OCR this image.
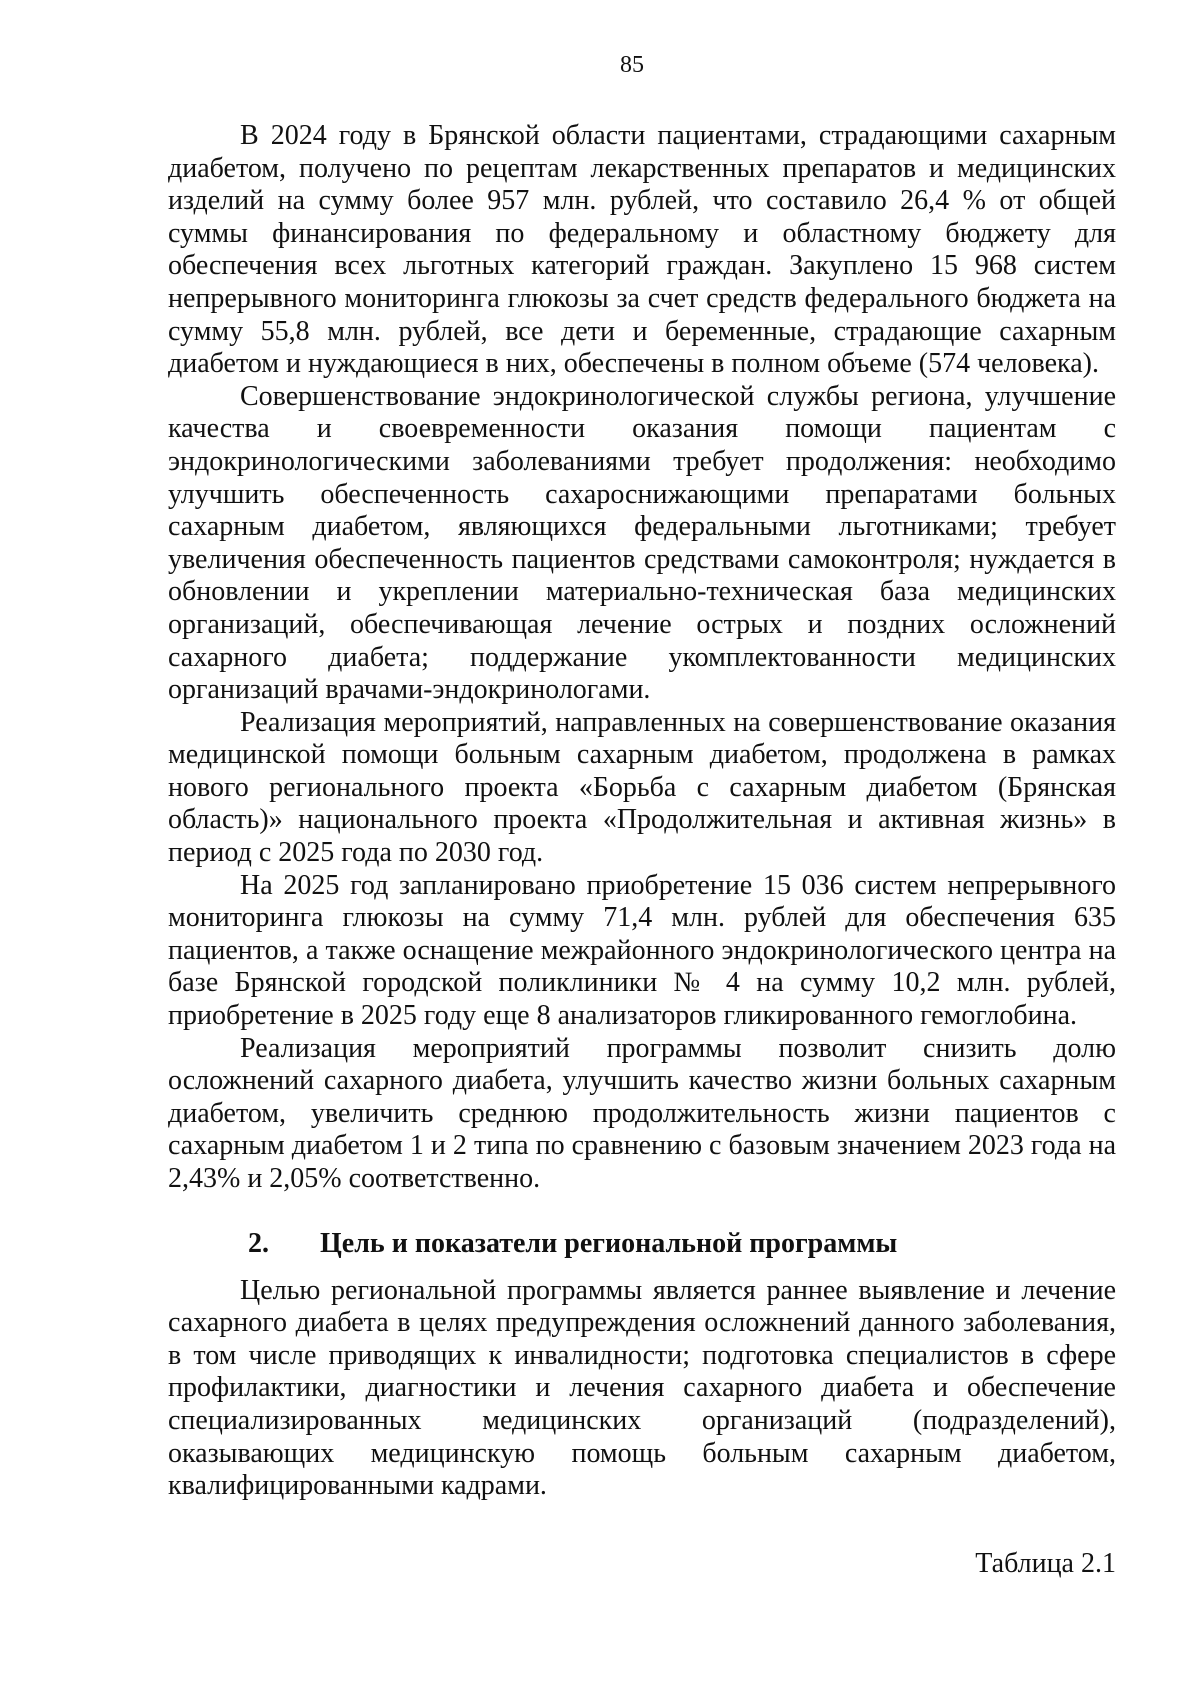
85

В 2024 году в Брянской области пациентами, страдающими сахарным диабетом, получено по рецептам лекарственных препаратов и медицинских изделий на сумму более 957 млн. рублей, что составило 26,4 % от общей суммы финансирования по федеральному и областному бюджету для обеспечения всех льготных категорий граждан. Закуплено 15 968 систем непрерывного мониторинга глюкозы за счет средств федерального бюджета на сумму 55,8 млн. рублей, все дети и беременные, страдающие сахарным диабетом и нуждающиеся в них, обеспечены в полном объеме (574 человека).

Совершенствование эндокринологической службы региона, улучшение качества и своевременности оказания помощи пациентам с эндокринологическими заболеваниями требует продолжения: необходимо улучшить обеспеченность сахароснижающими препаратами больных сахарным диабетом, являющихся федеральными льготниками; требует увеличения обеспеченность пациентов средствами самоконтроля; нуждается в обновлении и укреплении материально-техническая база медицинских организаций, обеспечивающая лечение острых и поздних осложнений сахарного диабета; поддержание укомплектованности медицинских организаций врачами-эндокринологами.

Реализация мероприятий, направленных на совершенствование оказания медицинской помощи больным сахарным диабетом, продолжена в рамках нового регионального проекта «Борьба с сахарным диабетом (Брянская область)» национального проекта «Продолжительная и активная жизнь» в период с 2025 года по 2030 год.

На 2025 год запланировано приобретение 15 036 систем непрерывного мониторинга глюкозы на сумму 71,4 млн. рублей для обеспечения 635 пациентов, а также оснащение межрайонного эндокринологического центра на базе Брянской городской поликлиники № 4 на сумму 10,2 млн. рублей, приобретение в 2025 году еще 8 анализаторов гликированного гемоглобина.

Реализация мероприятий программы позволит снизить долю осложнений сахарного диабета, улучшить качество жизни больных сахарным диабетом, увеличить среднюю продолжительность жизни пациентов с сахарным диабетом 1 и 2 типа по сравнению с базовым значением 2023 года на 2,43% и 2,05% соответственно.

2. Цель и показатели региональной программы

Целью региональной программы является раннее выявление и лечение сахарного диабета в целях предупреждения осложнений данного заболевания, в том числе приводящих к инвалидности; подготовка специалистов в сфере профилактики, диагностики и лечения сахарного диабета и обеспечение специализированных медицинских организаций (подразделений), оказывающих медицинскую помощь больным сахарным диабетом, квалифицированными кадрами.

Таблица 2.1
